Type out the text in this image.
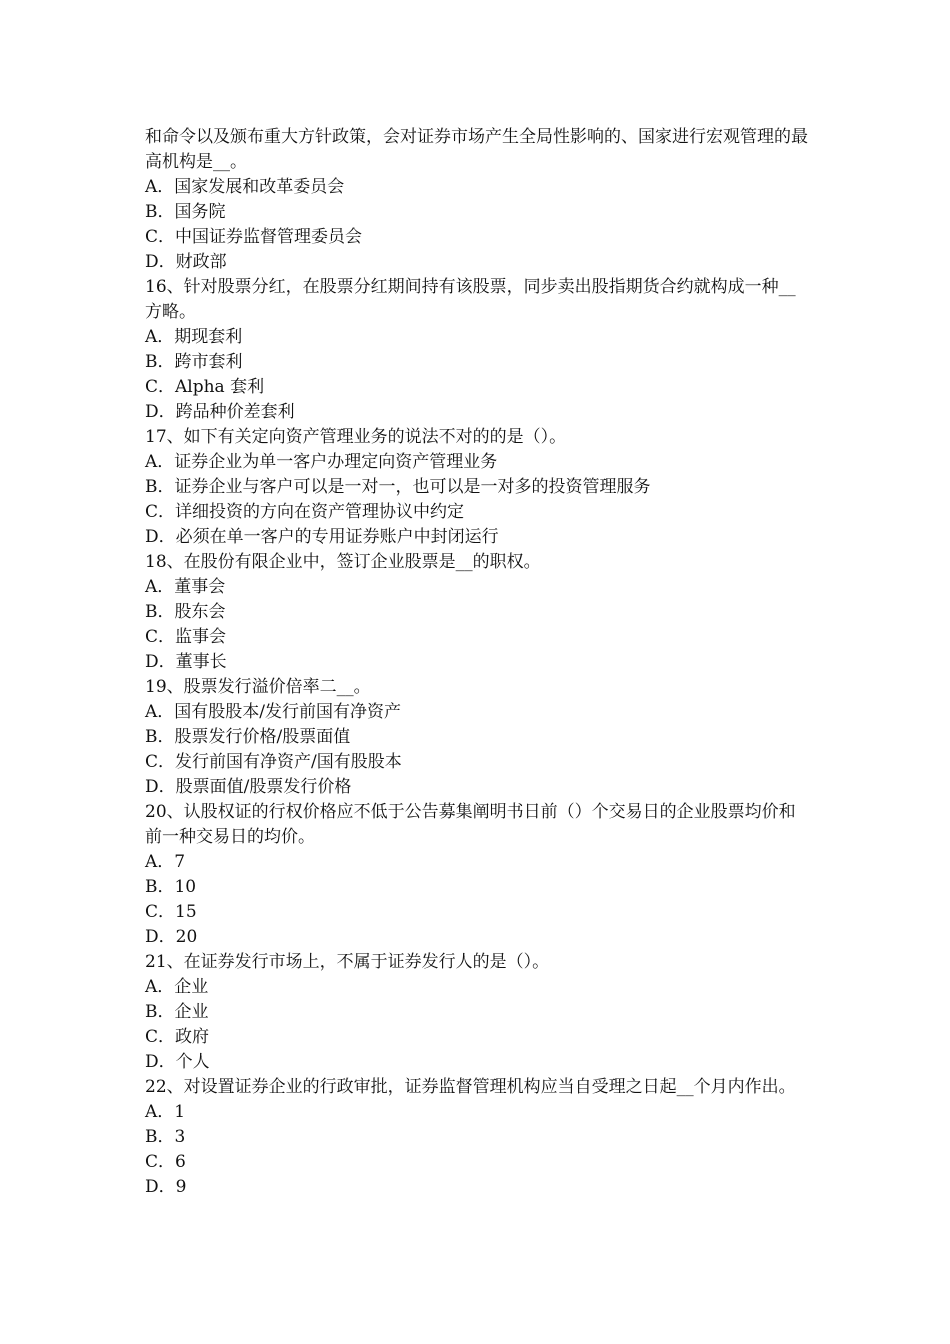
和命令以及颁布重大方针政策，会对证券市场产生全局性影响的、国家进行宏观管理的最高机构是__。
A．国家发展和改革委员会
B．国务院
C．中国证券监督管理委员会
D．财政部
16、针对股票分红，在股票分红期间持有该股票，同步卖出股指期货合约就构成一种__方略。
A．期现套利
B．跨市套利
C．Alpha 套利
D．跨品种价差套利
17、如下有关定向资产管理业务的说法不对的的是（）。
A．证券企业为单一客户办理定向资产管理业务
B．证券企业与客户可以是一对一，也可以是一对多的投资管理服务
C．详细投资的方向在资产管理协议中约定
D．必须在单一客户的专用证券账户中封闭运行
18、在股份有限企业中，签订企业股票是__的职权。
A．董事会
B．股东会
C．监事会
D．董事长
19、股票发行溢价倍率二__。
A．国有股股本/发行前国有净资产
B．股票发行价格/股票面值
C．发行前国有净资产/国有股股本
D．股票面值/股票发行价格
20、认股权证的行权价格应不低于公告募集阐明书日前（）个交易日的企业股票均价和前一种交易日的均价。
A．7
B．10
C．15
D．20
21、在证券发行市场上，不属于证券发行人的是（）。
A．企业
B．企业
C．政府
D．个人
22、对设置证券企业的行政审批，证券监督管理机构应当自受理之日起__个月内作出。
A．1
B．3
C．6
D．9
